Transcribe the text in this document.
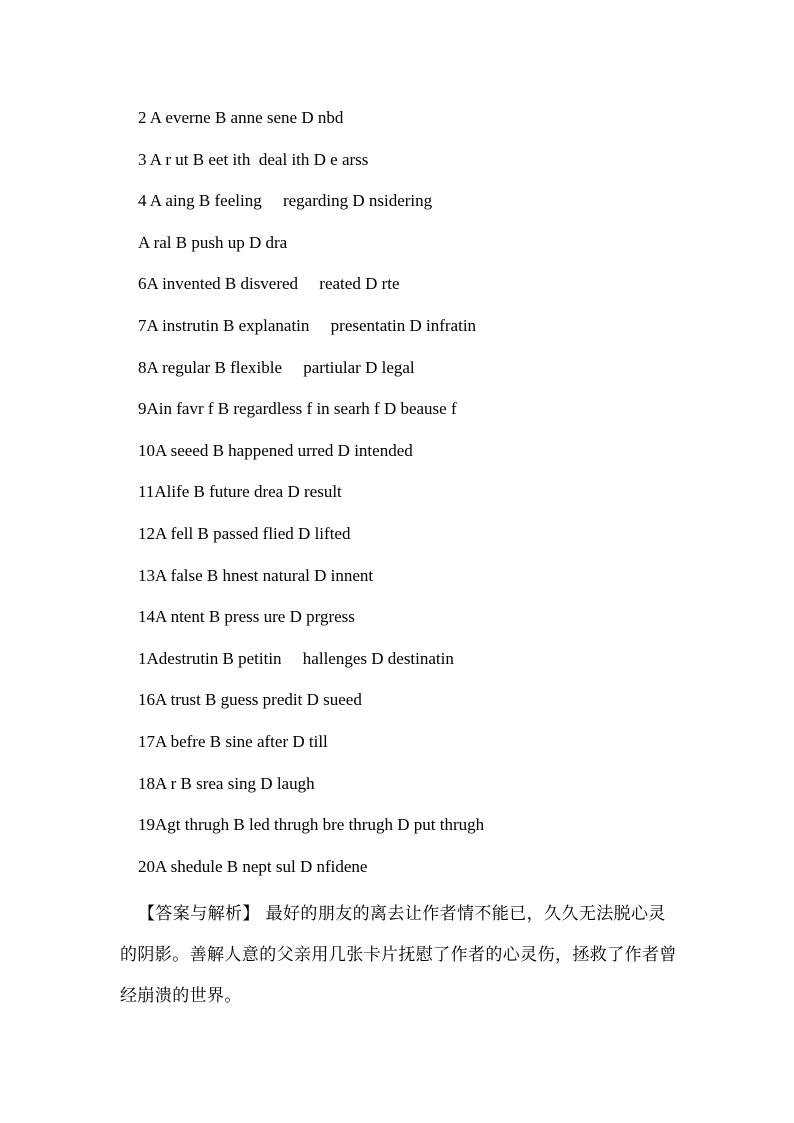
2 A everne B anne sene D nbd
3 A r ut B eet ith  deal ith D e arss
4 A aing B feeling     regarding D nsidering
A ral B push up D dra
6A invented B disvered     reated D rte
7A instrutin B explanatin     presentatin D infratin
8A regular B flexible     partiular D legal
9Ain favr f B regardless f in searh f D beause f
10A seeed B happened urred D intended
11Alife B future drea D result
12A fell B passed flied D lifted
13A false B hnest natural D innent
14A ntent B press ure D prgress
1Adestrutin B petitin     hallenges D destinatin
16A trust B guess predit D sueed
17A befre B sine after D till
18A r B srea sing D laugh
19Agt thrugh B led thrugh bre thrugh D put thrugh
20A shedule B nept sul D nfidene
【答案与解析】 最好的朋友的离去让作者情不能已，久久无法脱心灵的阴影。善解人意的父亲用几张卡片抚慰了作者的心灵伤，拯救了作者曾经崩溃的世界。
